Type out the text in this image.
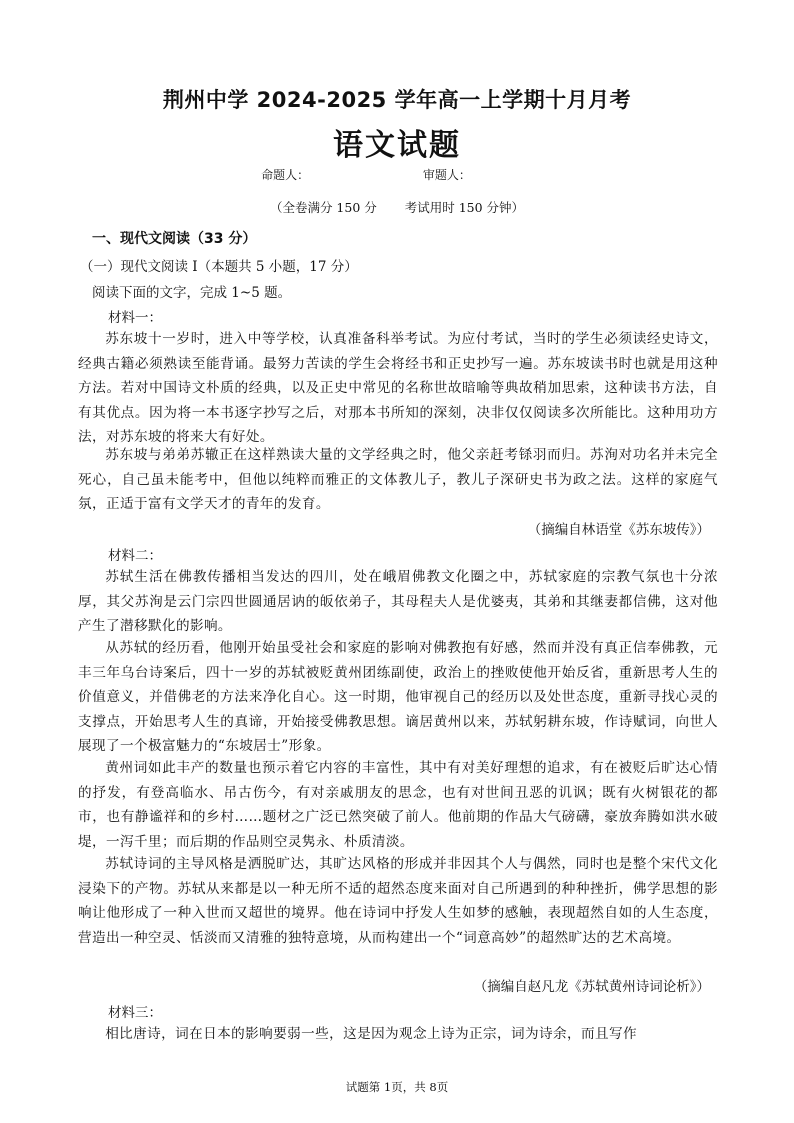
荆州中学 2024-2025 学年高一上学期十月月考
语文试题
命题人：	审题人：
（全卷满分 150 分 考试用时 150 分钟）
一、现代文阅读（33 分）
（一）现代文阅读 I（本题共 5 小题，17 分）
阅读下面的文字，完成 1~5 题。
材料一：
苏东坡十一岁时，进入中等学校，认真准备科举考试。为应付考试，当时的学生必须读经史诗文，经典古籍必须熟读至能背诵。最努力苦读的学生会将经书和正史抄写一遍。苏东坡读书时也就是用这种方法。若对中国诗文朴质的经典，以及正史中常见的名称世故暗喻等典故稍加思索，这种读书方法，自有其优点。因为将一本书逐字抄写之后，对那本书所知的深刻，决非仅仅阅读多次所能比。这种用功方法，对苏东坡的将来大有好处。
苏东坡与弟弟苏辙正在这样熟读大量的文学经典之时，他父亲赶考铩羽而归。苏洵对功名并未完全死心，自己虽未能考中，但他以纯粹而雅正的文体教儿子，教儿子深研史书为政之法。这样的家庭气氛，正适于富有文学天才的青年的发育。
（摘编自林语堂《苏东坡传》）
材料二：
苏轼生活在佛教传播相当发达的四川，处在峨眉佛教文化圈之中，苏轼家庭的宗教气氛也十分浓厚，其父苏洵是云门宗四世圆通居讷的皈依弟子，其母程夫人是优婆夷，其弟和其继妻都信佛，这对他产生了潜移默化的影响。
从苏轼的经历看，他刚开始虽受社会和家庭的影响对佛教抱有好感，然而并没有真正信奉佛教，元丰三年乌台诗案后，四十一岁的苏轼被贬黄州团练副使，政治上的挫败使他开始反省，重新思考人生的价值意义，并借佛老的方法来净化自心。这一时期，他审视自己的经历以及处世态度，重新寻找心灵的支撑点，开始思考人生的真谛，开始接受佛教思想。谪居黄州以来，苏轼躬耕东坡，作诗赋词，向世人展现了一个极富魅力的“东坡居士”形象。
黄州词如此丰产的数量也预示着它内容的丰富性，其中有对美好理想的追求，有在被贬后旷达心情的抒发，有登高临水、吊古伤今，有对亲戚朋友的思念，也有对世间丑恶的讥讽；既有火树银花的都市，也有静谧祥和的乡村……题材之广泛已然突破了前人。他前期的作品大气磅礴，豪放奔腾如洪水破堤，一泻千里；而后期的作品则空灵隽永、朴质清淡。
苏轼诗词的主导风格是洒脱旷达，其旷达风格的形成并非因其个人与偶然，同时也是整个宋代文化浸染下的产物。苏轼从来都是以一种无所不适的超然态度来面对自己所遇到的种种挫折，佛学思想的影响让他形成了一种入世而又超世的境界。他在诗词中抒发人生如梦的感触，表现超然自如的人生态度，营造出一种空灵、恬淡而又清雅的独特意境，从而构建出一个“词意高妙”的超然旷达的艺术高境。
（摘编自赵凡龙《苏轼黄州诗词论析》）
材料三：
相比唐诗，词在日本的影响要弱一些，这是因为观念上诗为正宗，词为诗余，而且写作
试题第 1页，共 8页
